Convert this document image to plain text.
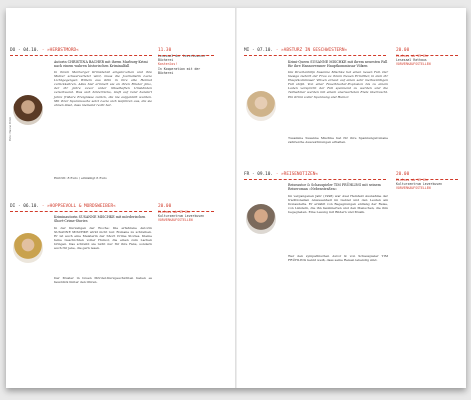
DO · 04.10. · »HERBSTMORD«	11.30
Lesesaal der Leverkusener Bücherei
Kostenlos!
In Kooperation mit der Bücherei
Foto: Hanno Brüll
Autorin CHRISTINA BACHER mit ihrem Marburg-Krimi nach einem wahren historischen Kriminalfall
In ihrem Marburger Krimidebüt eingebrochen und ihre Mutter schwerverletzt wird, muss die Journalistin Lucie Lichtgegengen Willem aus Köln in ihre alte Heimat zurückkehren. Alles hier erinnert sie an ihren Bruder Jako, der ihr Jahre zuvor unter rätselhaften Umständen verschwand. Was sich hinterrücks, läuft auf rund hundert Jahre frühere Ereignisse zurück, die nie aufgeklärt wurden. Mit ihrer Spurensuche setzt Lucie sich Gefahren aus, die sie ahnen lässt, dass niemand recht hat.
Eintritt: 8 Euro / ermäßigt 6 Euro
DI · 06.10. · »HOPPSEVOLL & MORDSWEIBER«	20.00
Einlass ab 19 Uhr
Kulturzentrum Leverkusen
VORVERKAUFSSTELLEN
Kriminautorin SUSANNE MISCHKE mit mörderischen Short-Crime-Stories
In der Kurzeligen der Woche: Die erfahrene Autorin SUSANNE MISCHKE wirkt nicht nur. Romane zu schreiben. Er ist auch eine Meisterin der Short Crime Stories. Kleine feine Geschichten voller Humor, die einen zum Lachen bringen. Das schreibt sie nicht nur für ihre Fans, sondern auch für jene, die gern lesen.
Der Muster in bösen Mörder-Kurzgeschichten haben es faustdick hinter den Ohren.
MI · 07.10. · »ABSTURZ IN GESCHWISTERN«	20.00
Einlass ab 19 Uhr
Lesesaal Rathaus
VORVERKAUFSSTELLEN
Krimi-Queen SUSANNE MISCHKE mit ihrem neuesten Fall für ihre Hannoveraner Hauptkommissar Völxen
Die Drachenhilfe Susanne Mischke hat einen neuen Fall. Der hiesige Gehört der Frau zu ihrem Neuen Ermittler, in dem ihr Hauptkommissar Völxen erneut auf einen sehr merkwürdigen Fall stößt. Von einer Feuerlöscher-Explosion bis zu einem Laden verspricht der Fall spannend zu werden und die Teilnehmer werden mit einem unerwarteten Ende überrascht. Ein Krimi voller Spannung und Humor.
Tusamme Susanne Mischke hat für ihre Spannungsromane zahlreiche Auszeichnungen erhalten.
FR · 09.10. · »REISENOTIZEN«	20.00
Einlass ab 19 Uhr
Kulturzentrum Leverkusen
VORVERKAUFSSTELLEN
Reiseautor & Schauspieler TIM FRÜHLING mit seinem Reiseroman »Nebenstraßen«
Im vergangenen Jahr (1998) war Axel Hemfeld Ausnahme der traditionellen Anwesenheit im Gebiet und den Leuten am Donaudelta. Er erzählt von Begegnungen entlang der Reise, von Ländern, die ihn faszinierten und den Menschen, die ihm begegneten. Eine Lesung mit Bildern und Musik.
Wer den sympathischen Autor & von Schauspieler TIM FRÜHLING kennt weiß, dass seine Reisen lebendig sind.
